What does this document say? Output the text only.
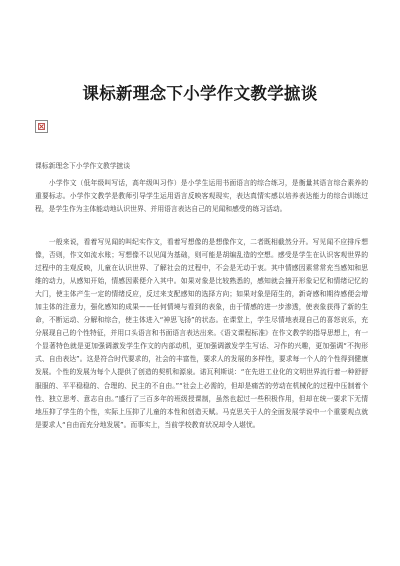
课标新理念下小学作文教学摭谈
课标新理念下小学作文教学摭谈

　　小学作文（低年级叫写话，高年级叫习作）是小学生运用书面语言的综合练习，是衡量其语言综合素养的重要标志。小学作文教学是教师引导学生运用语言反映客观现实，表达真情实感以培养表达能力的综合训练过程，是学生作为主体能动地认识世界、并用语言表达自己的见闻和感受的练习活动。

　　一般来说，看着写见闻的叫纪实作文，看着写想像的是想像作文，二者既相截然分开。写见闻不应排斥想像，否则，作文如流水账；写想像不以见闻为基础，则可能是胡编乱造的空想。感受是学生在认识客观世界的过程中的主观反映，儿童在认识世界、了解社会的过程中，不会是无动于衷。其中情感因素常常充当感知和思维的动力，从感知开始，情感因素便介入其中。如果对象是比较熟悉的，感知就会撞开形象记忆和情绪记忆的大门，使主体产生一定的情绪反应，反过来支配感知的选择方向；如果对象是陌生的，新奇感和期待感便会增加主体的注意力，强化感知的成果——任何情境与看到的表象，由于情感的进一步渗透，使表象获得了新的生命，不断运动、分解和综合，使主体进入“神思飞扬”的状态。在课堂上，学生尽情地表现自己的喜怒哀乐，充分展现自己的个性特征，并用口头语言和书面语言表达出来。《语文课程标准》在作文教学的指导思想上，有一个显著特色就是更加强调激发学生作文的内部动机，更加强调激发学生写话、习作的兴趣，更加强调“不拘形式、自由表达”。这是符合时代要求的，社会的丰富性，要求人的发展的多样性，要求每一个人的个性得到健康发展。个性的发展为每个人提供了创造的契机和源泉。诺瓦利斯说：“在先进工业化的文明世界流行着一种舒舒服服的、平平稳稳的、合理的、民主的不自由。”“社会上必需的，但却是痛苦的劳动在机械化的过程中压制着个性、独立思考、意志自由。”盛行了三百多年的班级授课制，虽然也起过一些积极作用，但却在统一要求下无情地压抑了学生的个性，实际上压抑了儿童的本性和创造天赋。马克思关于人的全面发展学说中一个重要观点就是要求人“自由而充分地发展”。而事实上，当前学校教育状况却令人堪忧。
